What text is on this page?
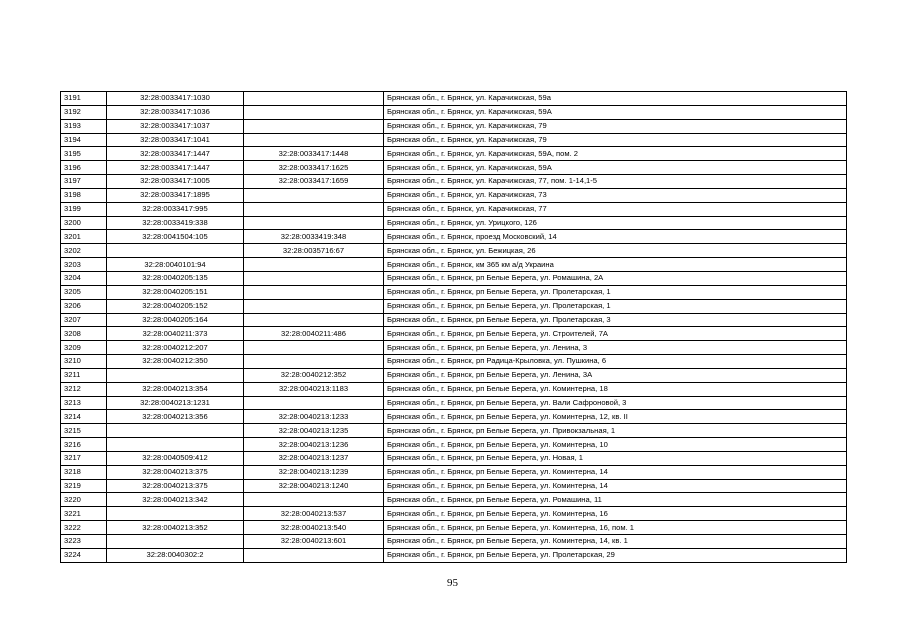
3191	32:28:0033417:1030		Брянская обл., г. Брянск, ул. Карачижская, 59а
3192	32:28:0033417:1036		Брянская обл., г. Брянск, ул. Карачижская, 59А
3193	32:28:0033417:1037		Брянская обл., г. Брянск, ул. Карачижская, 79
3194	32:28:0033417:1041		Брянская обл., г. Брянск, ул. Карачижская, 79
3195	32:28:0033417:1447	32:28:0033417:1448	Брянская обл., г. Брянск, ул. Карачижская, 59А, пом. 2
3196	32:28:0033417:1447	32:28:0033417:1625	Брянская обл., г. Брянск, ул. Карачижская, 59А
3197	32:28:0033417:1005	32:28:0033417:1659	Брянская обл., г. Брянск, ул. Карачижская, 77, пом. 1-14,1-5
3198	32:28:0033417:1895		Брянская обл., г. Брянск, ул. Карачижская, 73
3199	32:28:0033417:995		Брянская обл., г. Брянск, ул. Карачижская, 77
3200	32:28:0033419:338		Брянская обл., г. Брянск, ул. Урицкого, 126
3201	32:28:0041504:105	32:28:0033419:348	Брянская обл., г. Брянск, проезд Московский, 14
3202		32:28:0035716:67	Брянская обл., г. Брянск, ул. Бежицкая, 26
3203	32:28:0040101:94		Брянская обл., г. Брянск, км 365 км а/д Украина
3204	32:28:0040205:135		Брянская обл., г. Брянск, рп Белые Берега, ул. Ромашина, 2А
3205	32:28:0040205:151		Брянская обл., г. Брянск, рп Белые Берега, ул. Пролетарская, 1
3206	32:28:0040205:152		Брянская обл., г. Брянск, рп Белые Берега, ул. Пролетарская, 1
3207	32:28:0040205:164		Брянская обл., г. Брянск, рп Белые Берега, ул. Пролетарская, 3
3208	32:28:0040211:373	32:28:0040211:486	Брянская обл., г. Брянск, рп Белые Берега, ул. Строителей, 7А
3209	32:28:0040212:207		Брянская обл., г. Брянск, рп Белые Берега, ул. Ленина, 3
3210	32:28:0040212:350		Брянская обл., г. Брянск, рп Радица-Крыловка, ул. Пушкина, 6
3211		32:28:0040212:352	Брянская обл., г. Брянск, рп Белые Берега, ул. Ленина, 3А
3212	32:28:0040213:354	32:28:0040213:1183	Брянская обл., г. Брянск, рп Белые Берега, ул. Коминтерна, 18
3213	32:28:0040213:1231		Брянская обл., г. Брянск, рп Белые Берега, ул. Вали Сафроновой, 3
3214	32:28:0040213:356	32:28:0040213:1233	Брянская обл., г. Брянск, рп Белые Берега, ул. Коминтерна, 12, кв. II
3215		32:28:0040213:1235	Брянская обл., г. Брянск, рп Белые Берега, ул. Привокзальная, 1
3216		32:28:0040213:1236	Брянская обл., г. Брянск, рп Белые Берега, ул. Коминтерна, 10
3217	32:28:0040509:412	32:28:0040213:1237	Брянская обл., г. Брянск, рп Белые Берега, ул. Новая, 1
3218	32:28:0040213:375	32:28:0040213:1239	Брянская обл., г. Брянск, рп Белые Берега, ул. Коминтерна, 14
3219	32:28:0040213:375	32:28:0040213:1240	Брянская обл., г. Брянск, рп Белые Берега, ул. Коминтерна, 14
3220	32:28:0040213:342		Брянская обл., г. Брянск, рп Белые Берега, ул. Ромашина, 11
3221		32:28:0040213:537	Брянская обл., г. Брянск, рп Белые Берега, ул. Коминтерна, 16
3222	32:28:0040213:352	32:28:0040213:540	Брянская обл., г. Брянск, рп Белые Берега, ул. Коминтерна, 16, пом. 1
3223		32:28:0040213:601	Брянская обл., г. Брянск, рп Белые Берега, ул. Коминтерна, 14, кв. 1
3224	32:28:0040302:2		Брянская обл., г. Брянск, рп Белые Берега, ул. Пролетарская, 29
95
